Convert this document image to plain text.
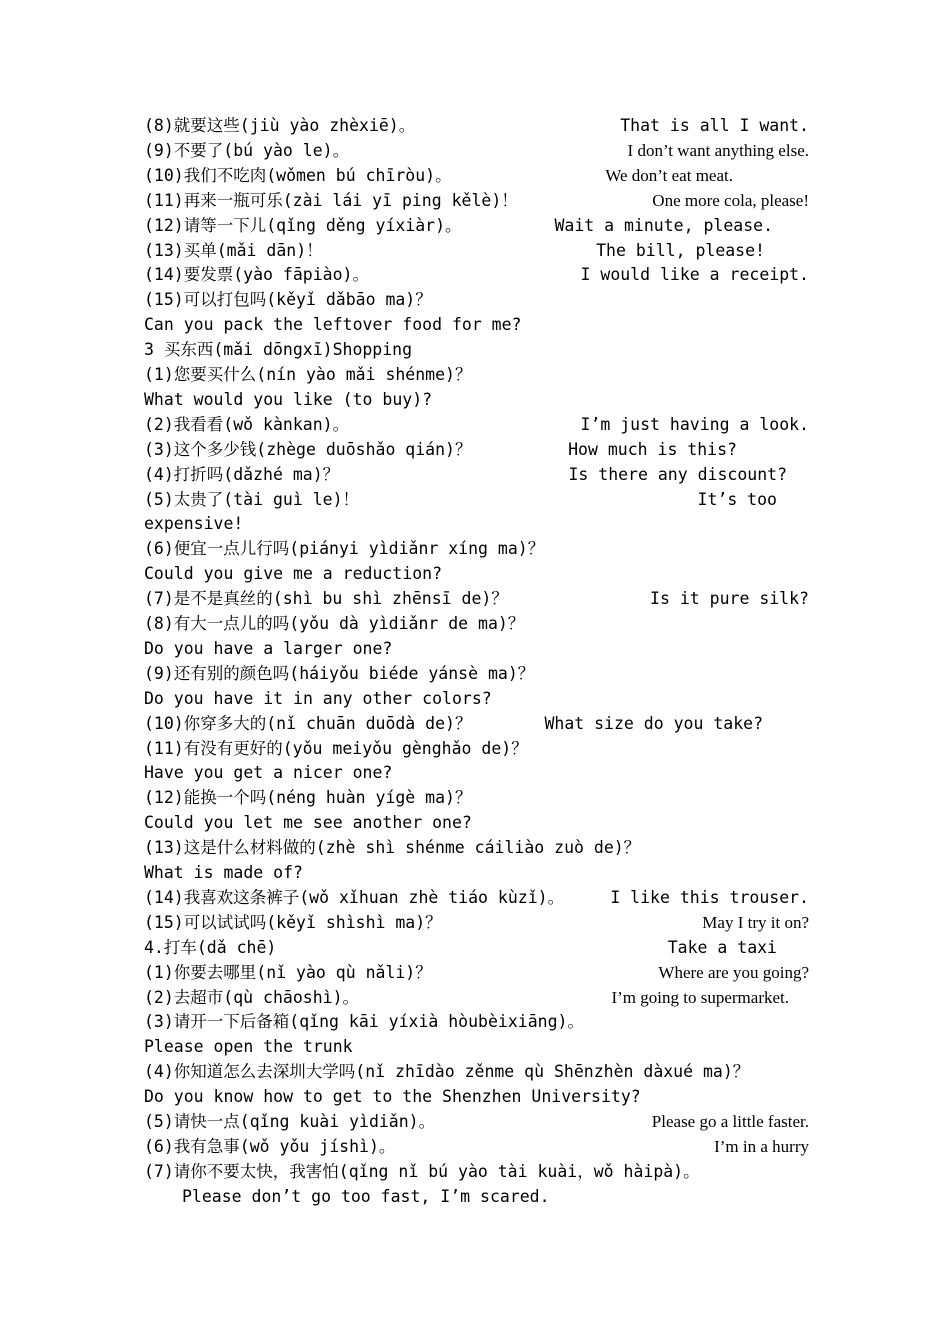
(8)就要这些(jiù yào zhèxiē)。	That is all I want.
(9)不要了(bú yào le)。	I don’t want anything else.
(10)我们不吃肉(wǒmen bú chīròu)。	We don’t eat meat.
(11)再来一瓶可乐(zài lái yī ping kělè)！	One more cola, please!
(12)请等一下儿(qǐng děng yíxiàr)。	Wait a minute, please.
(13)买单(mǎi dān)！	The bill, please!
(14)要发票(yào fāpiào)。	I would like a receipt.
(15)可以打包吗(kěyǐ dǎbāo ma)？
Can you pack the leftover food for me?
3 买东西(mǎi dōngxī)Shopping
(1)您要买什么(nín yào mǎi shénme)？
What would you like (to buy)?
(2)我看看(wǒ kànkan)。	I’m just having a look.
(3)这个多少钱(zhège duōshǎo qián)？	How much is this?
(4)打折吗(dǎzhé ma)？	Is there any discount?
(5)太贵了(tài guì le)！	It’s too
expensive!
(6)便宜一点儿行吗(piányi yìdiǎnr xíng ma)？
Could you give me a reduction?
(7)是不是真丝的(shì bu shì zhēnsī de)？	Is it pure silk?
(8)有大一点儿的吗(yǒu dà yìdiǎnr de ma)？
Do you have a larger one?
(9)还有别的颜色吗(háiyǒu biéde yánsè ma)？
Do you have it in any other colors?
(10)你穿多大的(nǐ chuān duōdà de)？	What size do you take?
(11)有没有更好的(yǒu meiyǒu gènghǎo de)？
Have you get a nicer one?
(12)能换一个吗(néng huàn yígè ma)？
Could you let me see another one?
(13)这是什么材料做的(zhè shì shénme cáiliào zuò de)？
What is made of?
(14)我喜欢这条裤子(wǒ xǐhuan zhè tiáo kùzǐ)。	I like this trouser.
(15)可以试试吗(kěyǐ shìshì ma)？	May I try it on?
4.打车(dǎ chē)	Take a taxi
(1)你要去哪里(nǐ yào qù nǎli)？	Where are you going?
(2)去超市(qù chāoshì)。	I’m going to supermarket.
(3)请开一下后备箱(qǐng kāi yíxià hòubèixiāng)。
Please open the trunk
(4)你知道怎么去深圳大学吗(nǐ zhīdào zěnme qù Shēnzhèn dàxué ma)？
Do you know how to get to the Shenzhen University?
(5)请快一点(qǐng kuài yìdiǎn)。	Please go a little faster.
(6)我有急事(wǒ yǒu jíshì)。	I’m in a hurry
(7)请你不要太快，我害怕(qǐng nǐ bú yào tài kuài，wǒ hàipà)。
Please don’t go too fast, I’m scared.
